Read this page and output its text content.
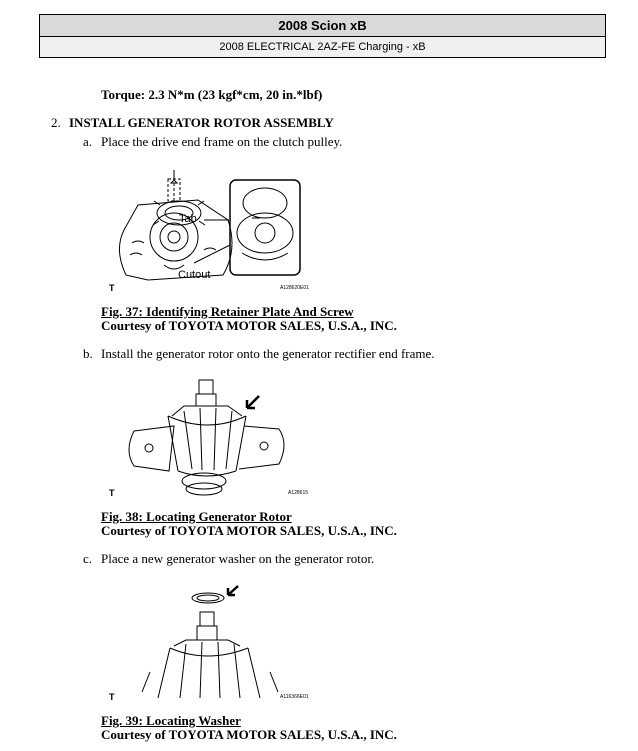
2008 Scion xB
2008 ELECTRICAL 2AZ-FE Charging - xB
Torque: 2.3 N*m (23 kgf*cm, 20 in.*lbf)
2. INSTALL GENERATOR ROTOR ASSEMBLY
a. Place the drive end frame on the clutch pulley.
Tab
Cutout
T	A128620E01
Fig. 37: Identifying Retainer Plate And Screw
Courtesy of TOYOTA MOTOR SALES, U.S.A., INC.
b. Install the generator rotor onto the generator rectifier end frame.
T	A128615
Fig. 38: Locating Generator Rotor
Courtesy of TOYOTA MOTOR SALES, U.S.A., INC.
c. Place a new generator washer on the generator rotor.
T	A116366E01
Fig. 39: Locating Washer
Courtesy of TOYOTA MOTOR SALES, U.S.A., INC.
